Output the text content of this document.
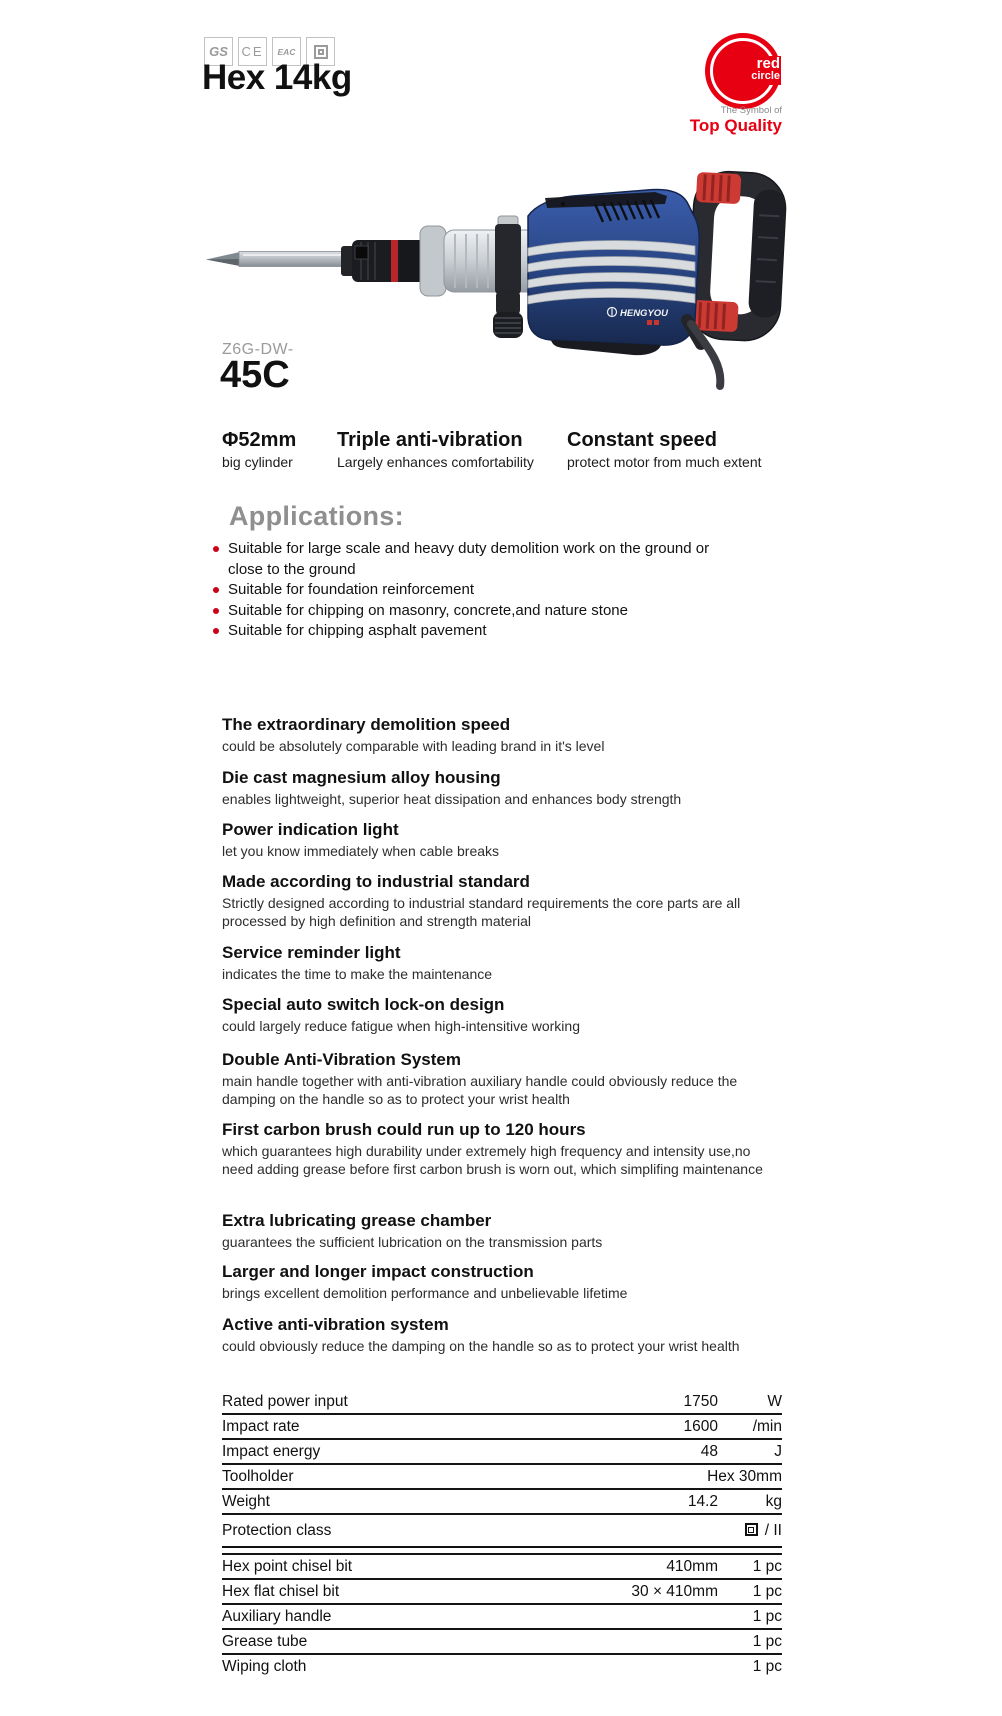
GS CE EAC
Hex 14kg	red
circle
The Symbol of
Top Quality
HENGYOU
Z6G-DW-
45C
Φ52mm
big cylinder
Triple anti-vibration
Largely enhances comfortability
Constant speed
protect motor from much extent
Applications:
Suitable for large scale and heavy duty demolition work on the ground or close to the ground
Suitable for foundation reinforcement
Suitable for chipping on masonry, concrete,and nature stone
Suitable for chipping asphalt pavement
The extraordinary demolition speed

could be absolutely comparable with leading brand in it's level

Die cast magnesium alloy housing

enables lightweight, superior heat dissipation and enhances body strength

Power indication light

let you know immediately when cable breaks

Made according to industrial standard

Strictly designed according to industrial standard requirements the core parts are all processed by high definition and strength material

Service reminder light

indicates the time to make the maintenance

Special auto switch lock-on design

could largely reduce fatigue when high-intensitive working

Double Anti-Vibration System

main handle together with anti-vibration auxiliary handle could obviously reduce the damping on the handle so as to protect your wrist health

First carbon brush could run up to 120 hours

which guarantees high durability under extremely high frequency and intensity use,no need adding grease before first carbon brush is worn out, which simplifing maintenance

Extra lubricating grease chamber

guarantees the sufficient lubrication on the transmission parts

Larger and longer impact construction

brings excellent demolition performance and unbelievable lifetime

Active anti-vibration system

could obviously reduce the damping on the handle so as to protect your wrist health

Rated power input	1750	W
Impact rate	1600	/min
Impact energy	48	J
Toolholder	Hex 30mm
Weight	14.2	kg
Protection class	/ II
Hex point chisel bit	410mm	1 pc
Hex flat chisel bit	30 × 410mm	1 pc
Auxiliary handle	1 pc
Grease tube	1 pc
Wiping cloth	1 pc
